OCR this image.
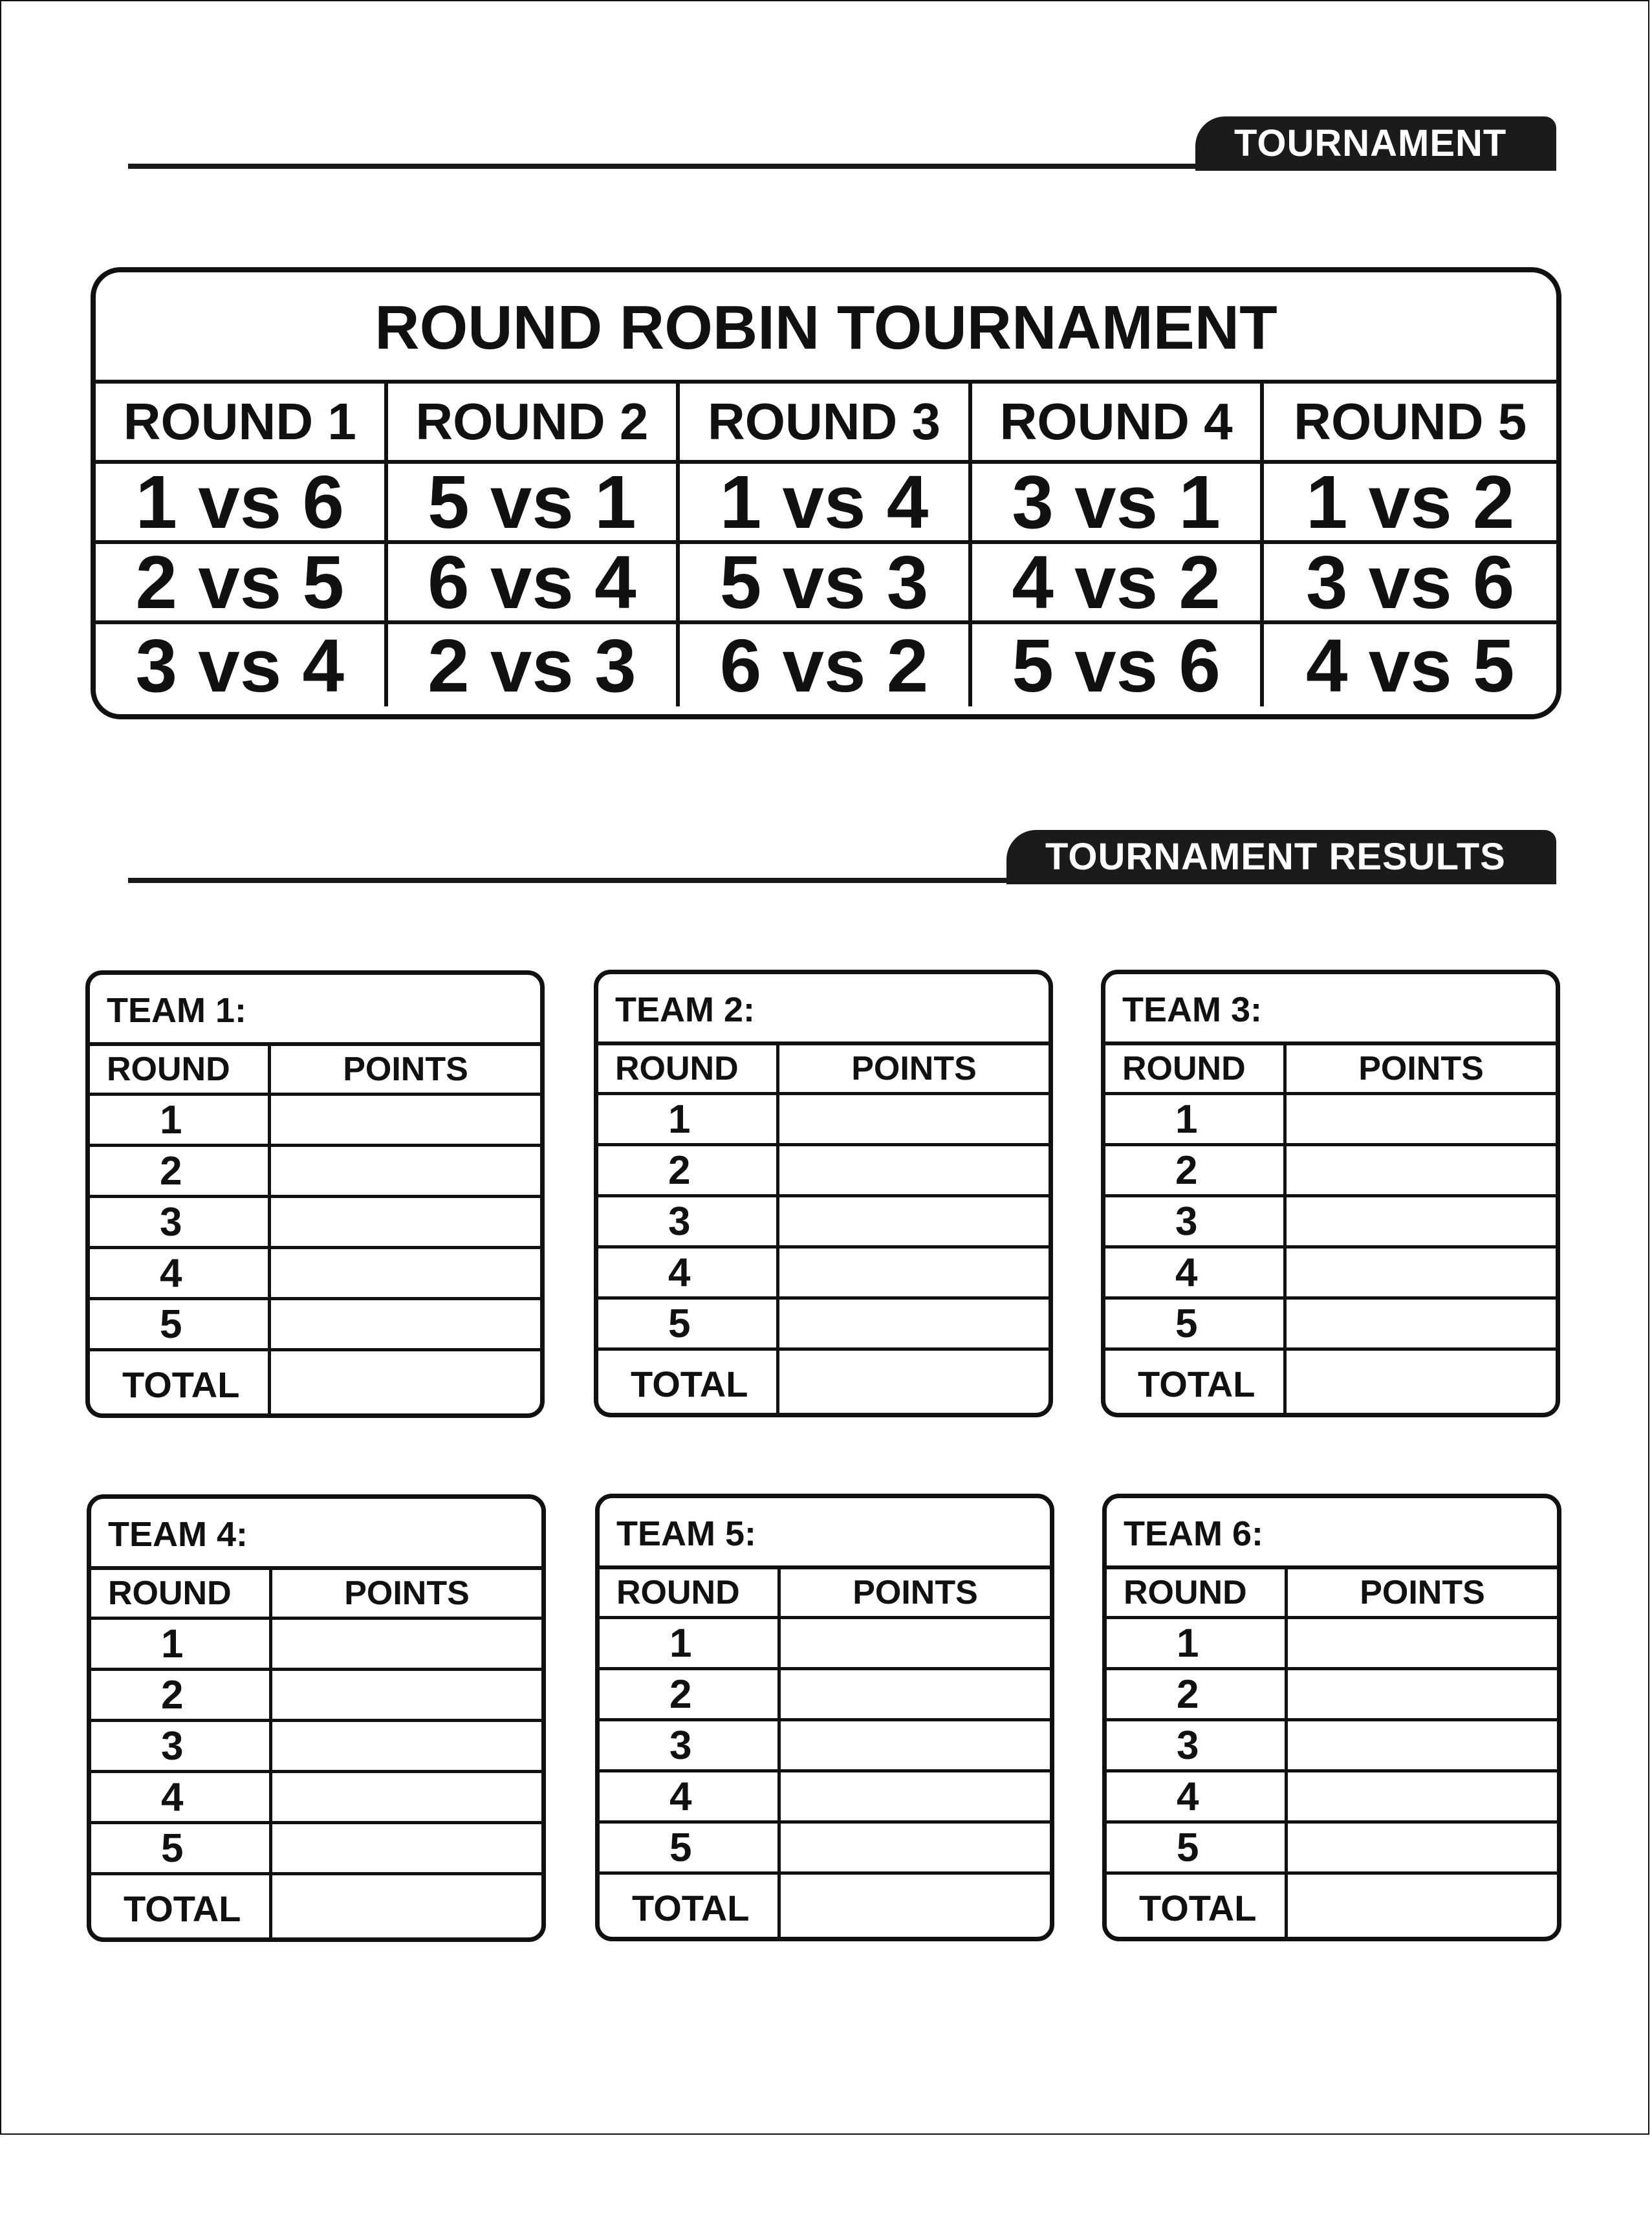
TOURNAMENT
ROUND ROBIN TOURNAMENT
ROUND 1	ROUND 2	ROUND 3	ROUND 4	ROUND 5
1 vs 6	5 vs 1	1 vs 4	3 vs 1	1 vs 2
2 vs 5	6 vs 4	5 vs 3	4 vs 2	3 vs 6
3 vs 4	2 vs 3	6 vs 2	5 vs 6	4 vs 5
TOURNAMENT RESULTS
TEAM 1:
ROUND	POINTS
1
2
3
4
5
TOTAL
TEAM 2:
ROUND	POINTS
1
2
3
4
5
TOTAL
TEAM 3:
ROUND	POINTS
1
2
3
4
5
TOTAL
TEAM 4:
ROUND	POINTS
1
2
3
4
5
TOTAL
TEAM 5:
ROUND	POINTS
1
2
3
4
5
TOTAL
TEAM 6:
ROUND	POINTS
1
2
3
4
5
TOTAL
